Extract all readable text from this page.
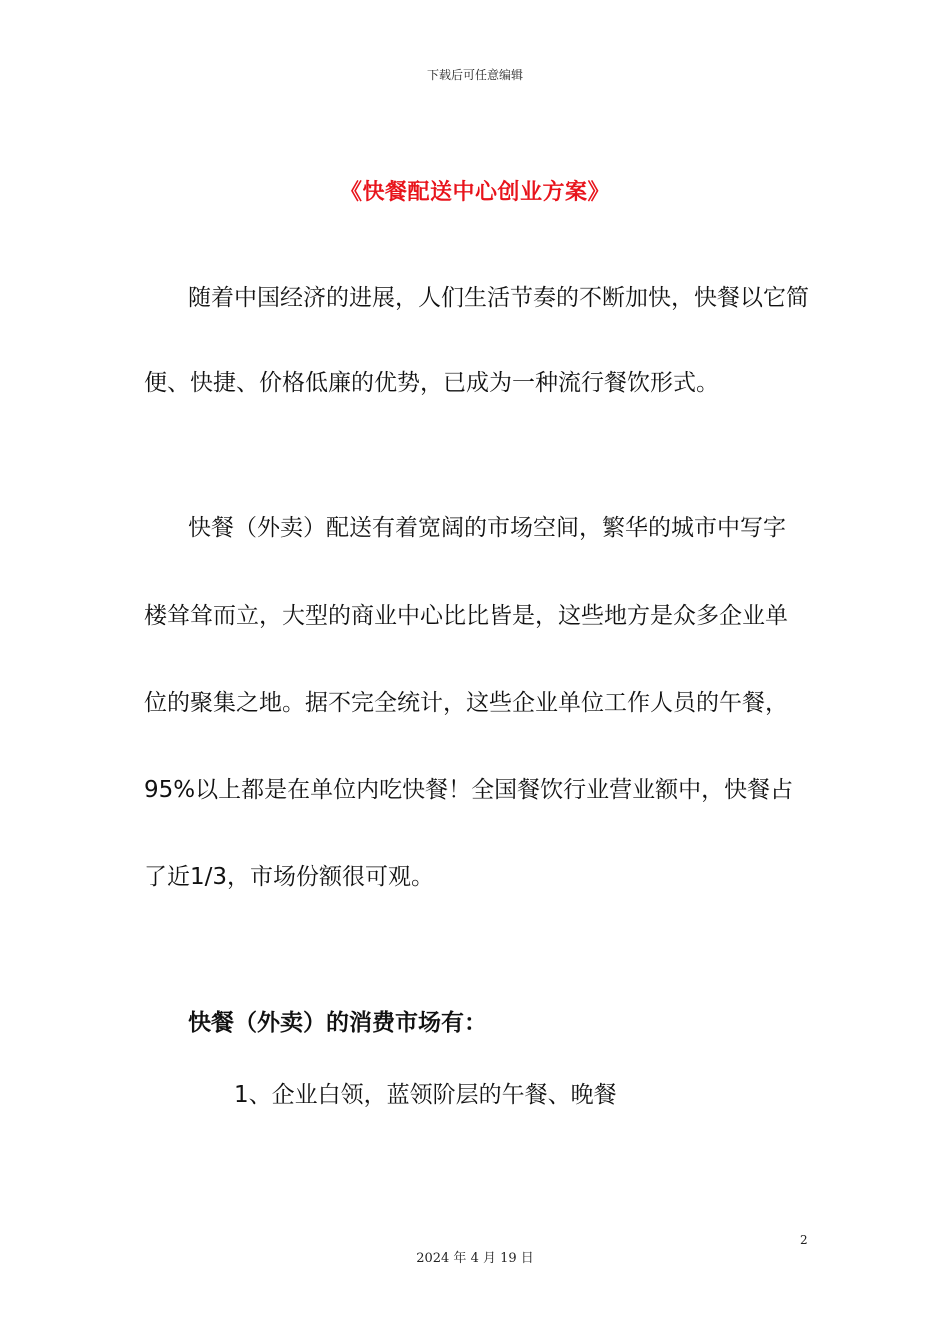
下载后可任意编辑
《快餐配送中心创业方案》
随着中国经济的进展，人们生活节奏的不断加快，快餐以它简
便、快捷、价格低廉的优势，已成为一种流行餐饮形式。
快餐（外卖）配送有着宽阔的市场空间，繁华的城市中写字
楼耸耸而立，大型的商业中心比比皆是，这些地方是众多企业单
位的聚集之地。据不完全统计，这些企业单位工作人员的午餐，
95%以上都是在单位内吃快餐！全国餐饮行业营业额中，快餐占
了近1/3，市场份额很可观。
快餐（外卖）的消费市场有：
1、企业白领，蓝领阶层的午餐、晚餐
2
2024 年 4 月 19 日
